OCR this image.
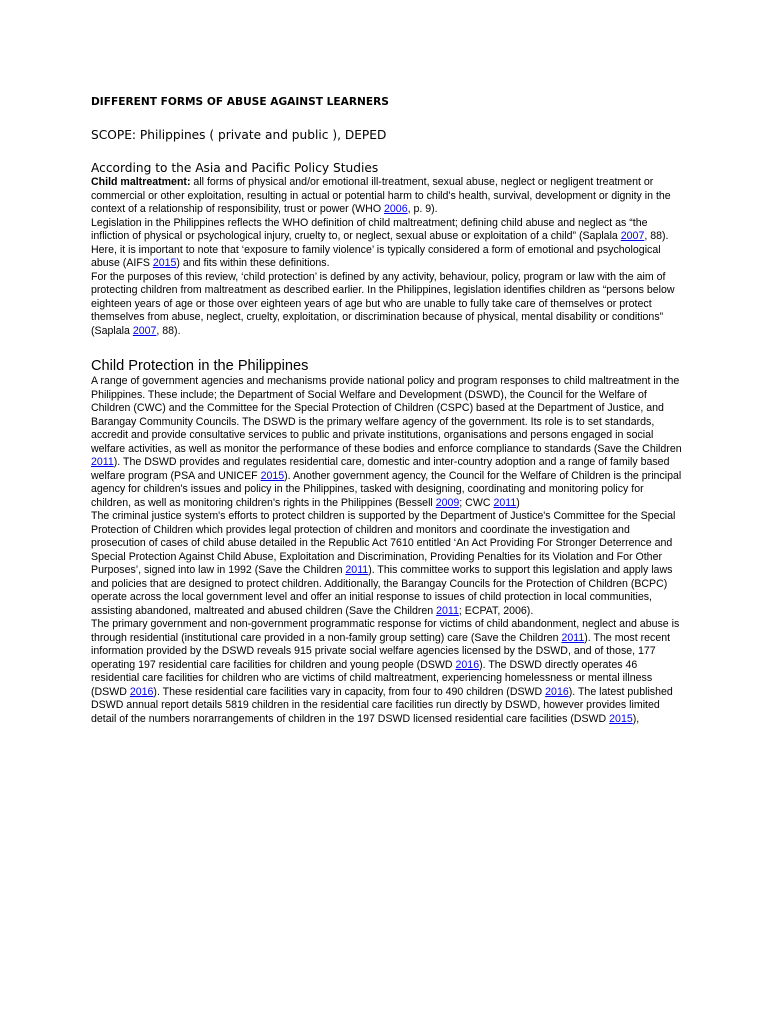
DIFFERENT FORMS OF ABUSE AGAINST LEARNERS

SCOPE: Philippines ( private and public ), DEPED

According to the Asia and Pacific Policy Studies

Child maltreatment: all forms of physical and/or emotional ill-treatment, sexual abuse, neglect or negligent treatment or commercial or other exploitation, resulting in actual or potential harm to child's health, survival, development or dignity in the context of a relationship of responsibility, trust or power (WHO 2006, p. 9).
Legislation in the Philippines reflects the WHO definition of child maltreatment; defining child abuse and neglect as “the infliction of physical or psychological injury, cruelty to, or neglect, sexual abuse or exploitation of a child” (Saplala 2007, 88).
Here, it is important to note that ‘exposure to family violence’ is typically considered a form of emotional and psychological abuse (AIFS 2015) and fits within these definitions.
For the purposes of this review, ‘child protection’ is defined by any activity, behaviour, policy, program or law with the aim of protecting children from maltreatment as described earlier. In the Philippines, legislation identifies children as “persons below eighteen years of age or those over eighteen years of age but who are unable to fully take care of themselves or protect themselves from abuse, neglect, cruelty, exploitation, or discrimination because of physical, mental disability or conditions” (Saplala 2007, 88).

Child Protection in the Philippines

A range of government agencies and mechanisms provide national policy and program responses to child maltreatment in the Philippines. These include; the Department of Social Welfare and Development (DSWD), the Council for the Welfare of Children (CWC) and the Committee for the Special Protection of Children (CSPC) based at the Department of Justice, and Barangay Community Councils. The DSWD is the primary welfare agency of the government. Its role is to set standards, accredit and provide consultative services to public and private institutions, organisations and persons engaged in social welfare activities, as well as monitor the performance of these bodies and enforce compliance to standards (Save the Children 2011). The DSWD provides and regulates residential care, domestic and inter-country adoption and a range of family based welfare program (PSA and UNICEF 2015). Another government agency, the Council for the Welfare of Children is the principal agency for children's issues and policy in the Philippines, tasked with designing, coordinating and monitoring policy for children, as well as monitoring children's rights in the Philippines (Bessell 2009; CWC 2011)

The criminal justice system's efforts to protect children is supported by the Department of Justice's Committee for the Special Protection of Children which provides legal protection of children and monitors and coordinate the investigation and prosecution of cases of child abuse detailed in the Republic Act 7610 entitled ‘An Act Providing For Stronger Deterrence and Special Protection Against Child Abuse, Exploitation and Discrimination, Providing Penalties for its Violation and For Other Purposes’, signed into law in 1992 (Save the Children 2011). This committee works to support this legislation and apply laws and policies that are designed to protect children. Additionally, the Barangay Councils for the Protection of Children (BCPC) operate across the local government level and offer an initial response to issues of child protection in local communities, assisting abandoned, maltreated and abused children (Save the Children 2011; ECPAT, 2006).

The primary government and non-government programmatic response for victims of child abandonment, neglect and abuse is through residential (institutional care provided in a non-family group setting) care (Save the Children 2011). The most recent information provided by the DSWD reveals 915 private social welfare agencies licensed by the DSWD, and of those, 177 operating 197 residential care facilities for children and young people (DSWD 2016). The DSWD directly operates 46 residential care facilities for children who are victims of child maltreatment, experiencing homelessness or mental illness (DSWD 2016). These residential care facilities vary in capacity, from four to 490 children (DSWD 2016). The latest published DSWD annual report details 5819 children in the residential care facilities run directly by DSWD, however provides limited detail of the numbers norarrangements of children in the 197 DSWD licensed residential care facilities (DSWD 2015),
